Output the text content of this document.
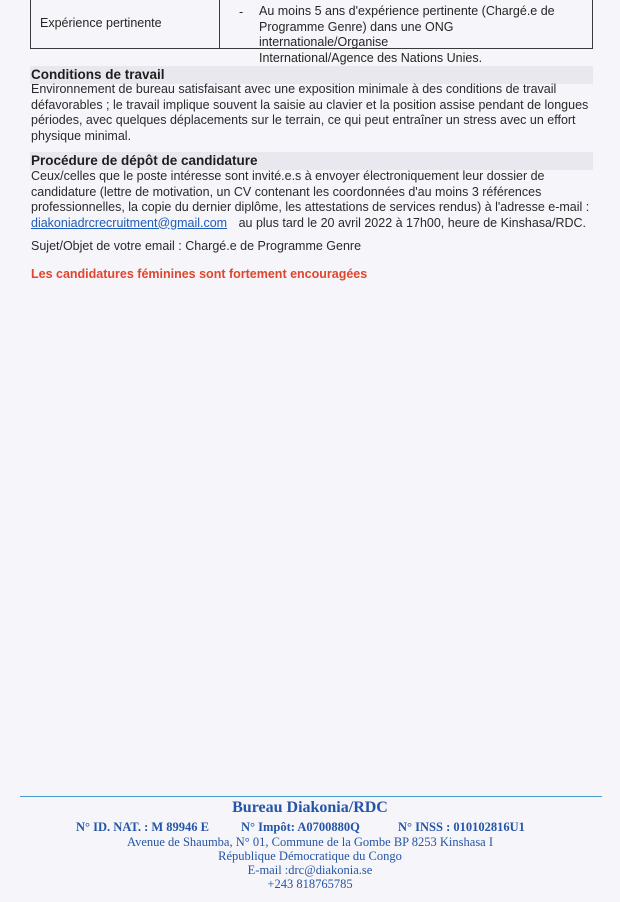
Expérience pertinente
- Au moins 5 ans d'expérience pertinente (Chargé.e de
Programme Genre) dans une ONG internationale/Organise
International/Agence des Nations Unies.
Conditions de travail
Environnement de bureau satisfaisant avec une exposition minimale à des conditions de travail
défavorables ; le travail implique souvent la saisie au clavier et la position assise pendant de longues
périodes, avec quelques déplacements sur le terrain, ce qui peut entraîner un stress avec un effort
physique minimal.
Procédure de dépôt de candidature
Ceux/celles que le poste intéresse sont invité.e.s à envoyer électroniquement leur dossier de
candidature (lettre de motivation, un CV contenant les coordonnées d'au moins 3 références
professionnelles, la copie du dernier diplôme, les attestations de services rendus) à l'adresse e-mail :
diakoniadrcrecruitment@gmail.com au plus tard le 20 avril 2022 à 17h00, heure de Kinshasa/RDC.
Sujet/Objet de votre email : Chargé.e de Programme Genre
Les candidatures féminines sont fortement encouragées
Bureau Diakonia/RDC
N° ID. NAT. : M 89946 E	N° Impôt: A0700880Q	N° INSS : 010102816U1
Avenue de Shaumba, N° 01, Commune de la Gombe BP 8253 Kinshasa I
République Démocratique du Congo
E-mail :drc@diakonia.se
+243 818765785
